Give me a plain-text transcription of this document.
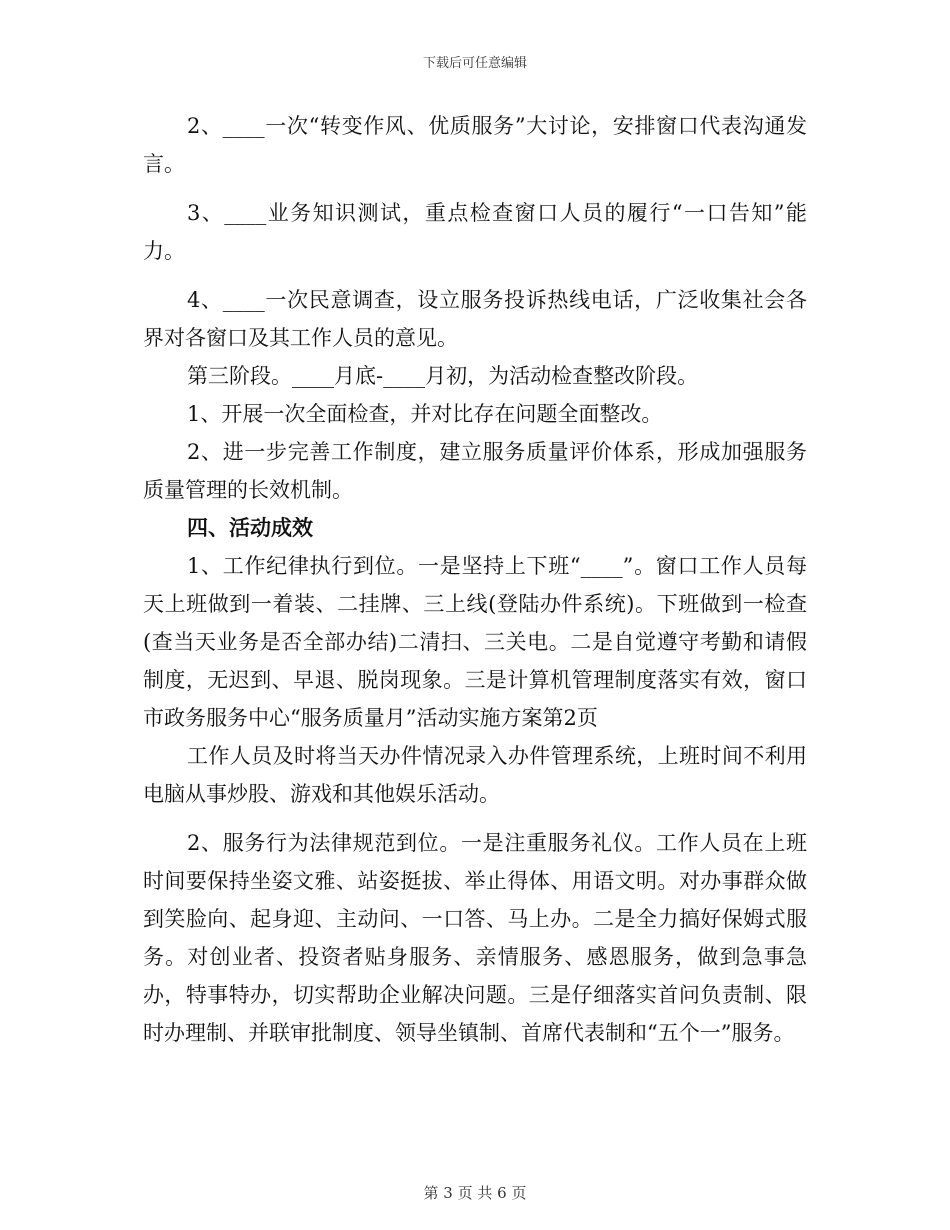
下载后可任意编辑

2、____一次“转变作风、优质服务”大讨论，安排窗口代表沟通发言。

3、____业务知识测试，重点检查窗口人员的履行“一口告知”能力。

4、____一次民意调查，设立服务投诉热线电话，广泛收集社会各界对各窗口及其工作人员的意见。

第三阶段。____月底-____月初，为活动检查整改阶段。

1、开展一次全面检查，并对比存在问题全面整改。

2、进一步完善工作制度，建立服务质量评价体系，形成加强服务质量管理的长效机制。

四、活动成效

1、工作纪律执行到位。一是坚持上下班“____”。窗口工作人员每天上班做到一着装、二挂牌、三上线(登陆办件系统)。下班做到一检查(查当天业务是否全部办结)二清扫、三关电。二是自觉遵守考勤和请假制度，无迟到、早退、脱岗现象。三是计算机管理制度落实有效，窗口市政务服务中心“服务质量月”活动实施方案第2页

工作人员及时将当天办件情况录入办件管理系统，上班时间不利用电脑从事炒股、游戏和其他娱乐活动。

2、服务行为法律规范到位。一是注重服务礼仪。工作人员在上班时间要保持坐姿文雅、站姿挺拔、举止得体、用语文明。对办事群众做到笑脸向、起身迎、主动问、一口答、马上办。二是全力搞好保姆式服务。对创业者、投资者贴身服务、亲情服务、感恩服务，做到急事急办，特事特办，切实帮助企业解决问题。三是仔细落实首问负责制、限时办理制、并联审批制度、领导坐镇制、首席代表制和“五个一”服务。

第 3 页 共 6 页
